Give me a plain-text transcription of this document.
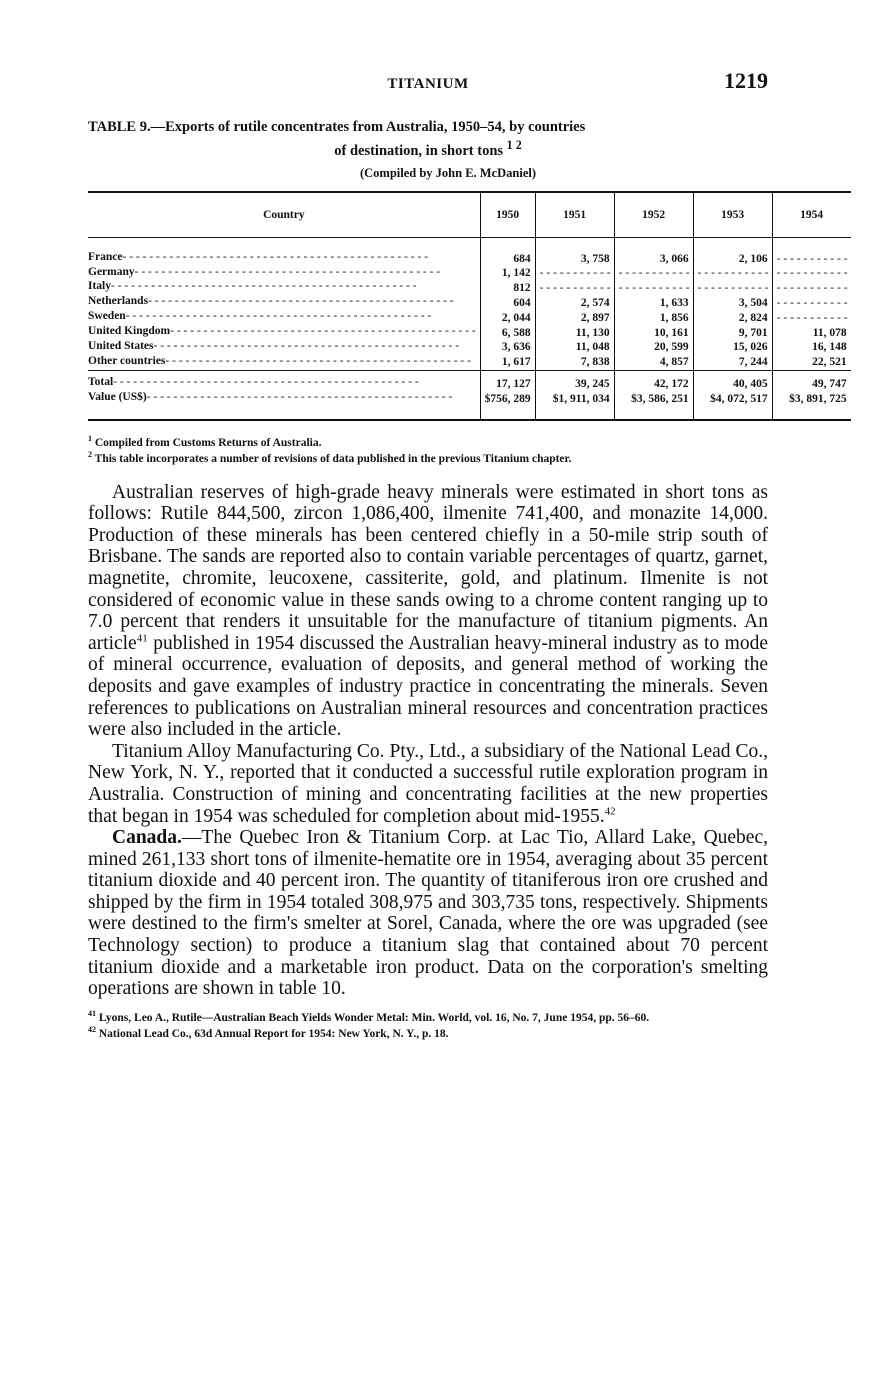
TITANIUM	1219
TABLE 9.—Exports of rutile concentrates from Australia, 1950–54, by countries
of destination, in short tons $^{1 2}$
(Compiled by John E. McDaniel)
Country	1950	1951	1952	1953	1954
France - - -	684	3, 758	3, 066	2, 106	- - -
Germany - - -	1, 142	- - -	- - -	- - -	- - -
Italy - - -	812	- - -	- - -	- - -	- - -
Netherlands - - -	604	2, 574	1, 633	3, 504	- - -
Sweden - - -	2, 044	2, 897	1, 856	2, 824	- - -
United Kingdom - - -	6, 588	11, 130	10, 161	9, 701	11, 078
United States - - -	3, 636	11, 048	20, 599	15, 026	16, 148
Other countries - - -	1, 617	7, 838	4, 857	7, 244	22, 521
Total - - -	17, 127	39, 245	42, 172	40, 405	49, 747
Value (US$) - - -	$756, 289	$1, 911, 034	$3, 586, 251	$4, 072, 517	$3, 891, 725

$^1$ Compiled from Customs Returns of Australia.

$^2$ This table incorporates a number of revisions of data published in the previous Titanium chapter.

Australian reserves of high-grade heavy minerals were estimated in short tons as follows: Rutile 844,500, zircon 1,086,400, ilmenite 741,400, and monazite 14,000. Production of these minerals has been centered chiefly in a 50-mile strip south of Brisbane. The sands are reported also to contain variable percentages of quartz, garnet, magnetite, chromite, leucoxene, cassiterite, gold, and platinum. Ilmenite is not considered of economic value in these sands owing to a chrome content ranging up to 7.0 percent that renders it unsuitable for the manufacture of titanium pigments. An article$^{41}$ published in 1954 discussed the Australian heavy-mineral industry as to mode of mineral occurrence, evaluation of deposits, and general method of working the deposits and gave examples of industry practice in concentrating the minerals. Seven references to publications on Australian mineral resources and concentration practices were also included in the article.

Titanium Alloy Manufacturing Co. Pty., Ltd., a subsidiary of the National Lead Co., New York, N. Y., reported that it conducted a successful rutile exploration program in Australia. Construction of mining and concentrating facilities at the new properties that began in 1954 was scheduled for completion about mid-1955.42

Canada.—The Quebec Iron & Titanium Corp. at Lac Tio, Allard Lake, Quebec, mined 261,133 short tons of ilmenite-hematite ore in 1954, averaging about 35 percent titanium dioxide and 40 percent iron. The quantity of titaniferous iron ore crushed and shipped by the firm in 1954 totaled 308,975 and 303,735 tons, respectively. Shipments were destined to the firm's smelter at Sorel, Canada, where the ore was upgraded (see Technology section) to produce a titanium slag that contained about 70 percent titanium dioxide and a marketable iron product. Data on the corporation's smelting operations are shown in table 10.

$^{41}$ Lyons, Leo A., Rutile—Australian Beach Yields Wonder Metal: Min. World, vol. 16, No. 7, June 1954, pp. 56–60.

$^{42}$ National Lead Co., 63d Annual Report for 1954: New York, N. Y., p. 18.
